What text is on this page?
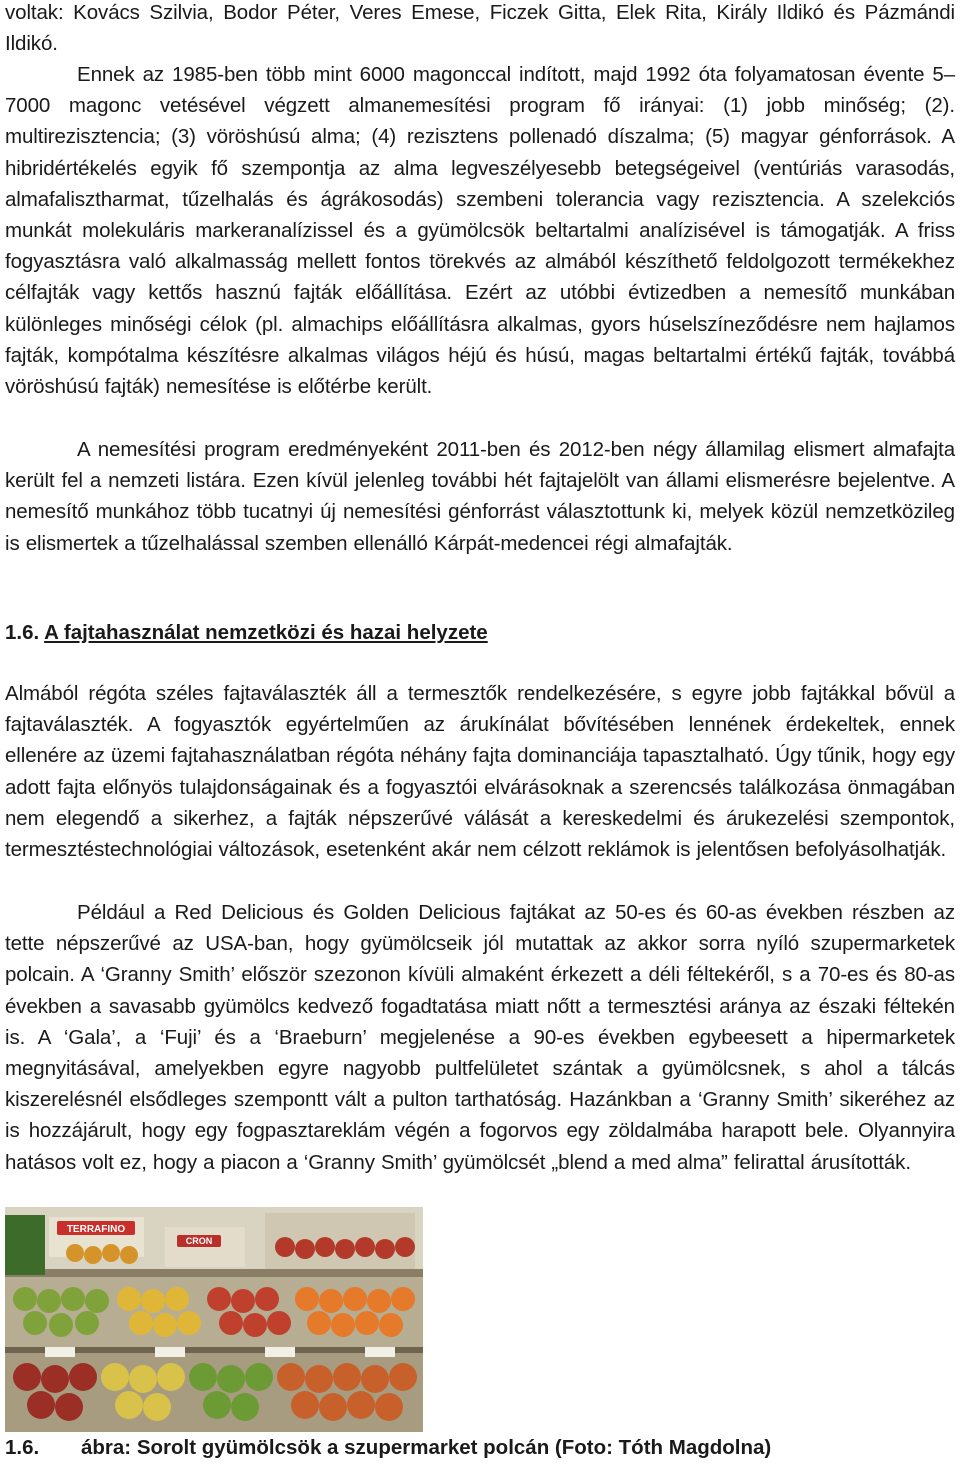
voltak: Kovács Szilvia, Bodor Péter, Veres Emese, Ficzek Gitta, Elek Rita, Király Ildikó és Pázmándi Ildikó.

Ennek az 1985-ben több mint 6000 magonccal indított, majd 1992 óta folyamatosan évente 5–7000 magonc vetésével végzett almanemesítési program fő irányai: (1) jobb minőség; (2). multirezisztencia; (3) vöröshúsú alma; (4) rezisztens pollenadó díszalma; (5) magyar génforrások. A hibridértékelés egyik fő szempontja az alma legveszélyesebb betegségeivel (ventúriás varasodás, almafalisztharmat, tűzelhalás és ágrákosodás) szembeni tolerancia vagy rezisztencia. A szelekciós munkát molekuláris markeranalízissel és a gyümölcsök beltartalmi analízisével is támogatják. A friss fogyasztásra való alkalmasság mellett fontos törekvés az almából készíthető feldolgozott termékekhez célfajták vagy kettős hasznú fajták előállítása. Ezért az utóbbi évtizedben a nemesítő munkában különleges minőségi célok (pl. almachips előállításra alkalmas, gyors húselszíneződésre nem hajlamos fajták, kompótalma készítésre alkalmas világos héjú és húsú, magas beltartalmi értékű fajták, továbbá vöröshúsú fajták) nemesítése is előtérbe került.

A nemesítési program eredményeként 2011-ben és 2012-ben négy államilag elismert almafajta került fel a nemzeti listára. Ezen kívül jelenleg további hét fajtajelölt van állami elismerésre bejelentve. A nemesítő munkához több tucatnyi új nemesítési génforrást választottunk ki, melyek közül nemzetközileg is elismertek a tűzelhalással szemben ellenálló Kárpát-medencei régi almafajták.

1.6. A fajtahasználat nemzetközi és hazai helyzete

Almából régóta széles fajtaválaszték áll a termesztők rendelkezésére, s egyre jobb fajtákkal bővül a fajtaválaszték. A fogyasztók egyértelműen az árukínálat bővítésében lennének érdekeltek, ennek ellenére az üzemi fajtahasználatban régóta néhány fajta dominanciája tapasztalható. Úgy tűnik, hogy egy adott fajta előnyös tulajdonságainak és a fogyasztói elvárásoknak a szerencsés találkozása önmagában nem elegendő a sikerhez, a fajták népszerűvé válását a kereskedelmi és árukezelési szempontok, termesztéstechnológiai változások, esetenként akár nem célzott reklámok is jelentősen befolyásolhatják.

Például a Red Delicious és Golden Delicious fajtákat az 50-es és 60-as években részben az tette népszerűvé az USA-ban, hogy gyümölcseik jól mutattak az akkor sorra nyíló szupermarketek polcain. A ‘Granny Smith’ először szezonon kívüli almaként érkezett a déli féltekéről, s a 70-es és 80-as években a savasabb gyümölcs kedvező fogadtatása miatt nőtt a termesztési aránya az északi féltekén is. A ‘Gala’, a ‘Fuji’ és a ‘Braeburn’ megjelenése a 90-es években egybeesett a hipermarketek megnyitásával, amelyekben egyre nagyobb pultfelületet szántak a gyümölcsnek, s ahol a tálcás kiszerelésnél elsődleges szempontt vált a pulton tarthatóság. Hazánkban a ‘Granny Smith’ sikeréhez az is hozzájárult, hogy egy fogpasztareklám végén a fogorvos egy zöldalmába harapott bele. Olyannyira hatásos volt ez, hogy a piacon a ‘Granny Smith’ gyümölcsét „blend a med alma” felirattal árusították.

TERRAFINO
CRON

1.6. ábra: Sorolt gyümölcsök a szupermarket polcán (Foto: Tóth Magdolna)
